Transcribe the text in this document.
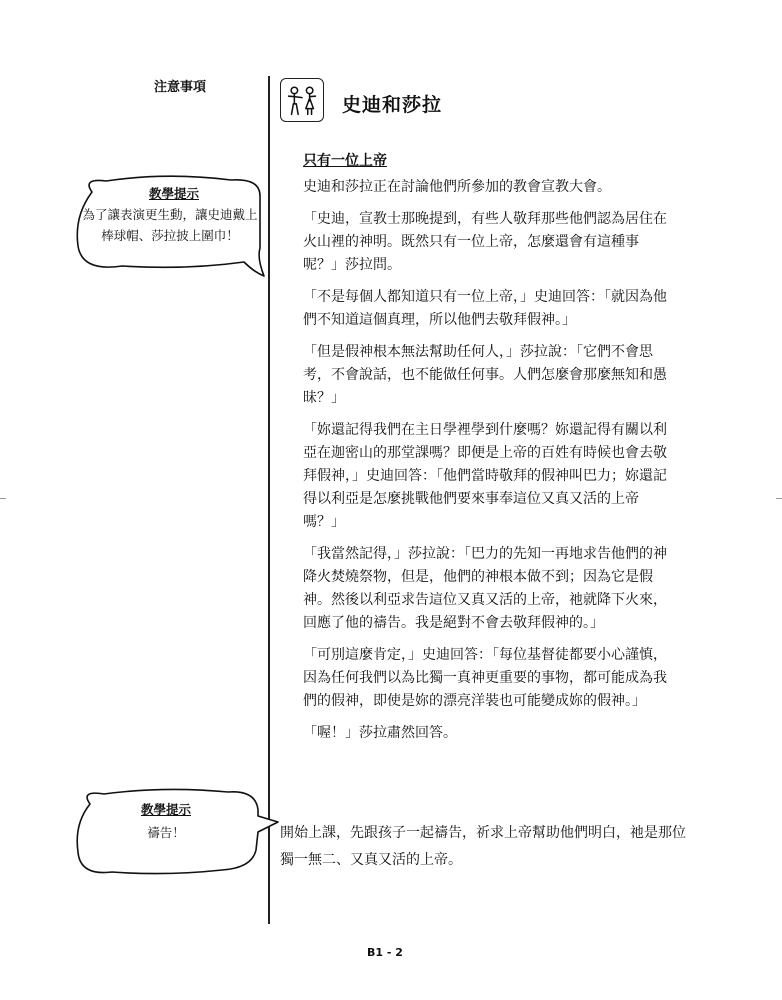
注意事項
教學提示
為了讓表演更生動，讓史迪戴上棒球帽、莎拉披上圍巾！
教學提示
禱告！
史迪和莎拉
只有一位上帝

史迪和莎拉正在討論他們所參加的教會宣教大會。

「史迪，宣教士那晚提到，有些人敬拜那些他們認為居住在火山裡的神明。既然只有一位上帝，怎麼還會有這種事呢？」莎拉問。

「不是每個人都知道只有一位上帝，」史迪回答：「就因為他們不知道這個真理，所以他們去敬拜假神。」

「但是假神根本無法幫助任何人，」莎拉說：「它們不會思考，不會說話，也不能做任何事。人們怎麼會那麼無知和愚昧？」

「妳還記得我們在主日學裡學到什麼嗎？妳還記得有關以利亞在迦密山的那堂課嗎？即便是上帝的百姓有時候也會去敬拜假神，」史迪回答：「他們當時敬拜的假神叫巴力；妳還記得以利亞是怎麼挑戰他們要來事奉這位又真又活的上帝嗎？」

「我當然記得，」莎拉說：「巴力的先知一再地求告他們的神降火焚燒祭物，但是，他們的神根本做不到；因為它是假神。然後以利亞求告這位又真又活的上帝，祂就降下火來，回應了他的禱告。我是絕對不會去敬拜假神的。」

「可別這麼肯定，」史迪回答：「每位基督徒都要小心謹慎，因為任何我們以為比獨一真神更重要的事物，都可能成為我們的假神，即使是妳的漂亮洋裝也可能變成妳的假神。」

「喔！」莎拉肅然回答。

開始上課，先跟孩子一起禱告，祈求上帝幫助他們明白，祂是那位獨一無二、又真又活的上帝。
B1 - 2
